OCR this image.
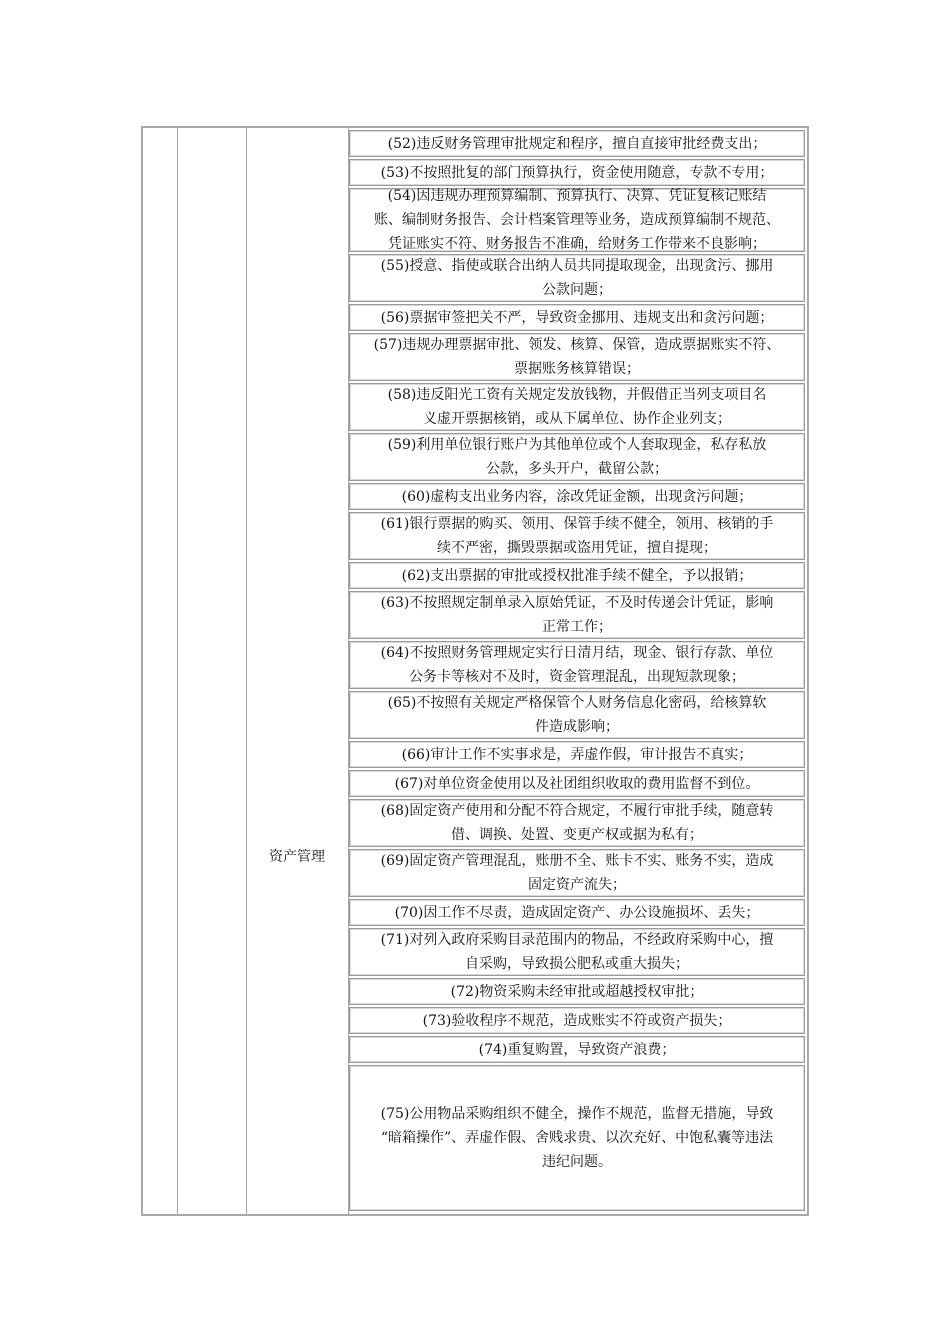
资产管理
(52)违反财务管理审批规定和程序，擅自直接审批经费支出；
(53)不按照批复的部门预算执行，资金使用随意，专款不专用；
(54)因违规办理预算编制、预算执行、决算、凭证复核记账结
账、编制财务报告、会计档案管理等业务，造成预算编制不规范、
凭证账实不符、财务报告不准确，给财务工作带来不良影响；
(55)授意、指使或联合出纳人员共同提取现金，出现贪污、挪用
公款问题；
(56)票据审签把关不严，导致资金挪用、违规支出和贪污问题；
(57)违规办理票据审批、领发、核算、保管，造成票据账实不符、
票据账务核算错误；
(58)违反阳光工资有关规定发放钱物，并假借正当列支项目名
义虚开票据核销，或从下属单位、协作企业列支；
(59)利用单位银行账户为其他单位或个人套取现金，私存私放
公款，多头开户，截留公款；
(60)虚构支出业务内容，涂改凭证金额，出现贪污问题；
(61)银行票据的购买、领用、保管手续不健全，领用、核销的手
续不严密，撕毁票据或盗用凭证，擅自提现；
(62)支出票据的审批或授权批准手续不健全，予以报销；
(63)不按照规定制单录入原始凭证，不及时传递会计凭证，影响
正常工作；
(64)不按照财务管理规定实行日清月结，现金、银行存款、单位
公务卡等核对不及时，资金管理混乱，出现短款现象；
(65)不按照有关规定严格保管个人财务信息化密码，给核算软
件造成影响；
(66)审计工作不实事求是，弄虚作假，审计报告不真实；
(67)对单位资金使用以及社团组织收取的费用监督不到位。
(68)固定资产使用和分配不符合规定，不履行审批手续，随意转
借、调换、处置、变更产权或据为私有；
(69)固定资产管理混乱，账册不全、账卡不实、账务不实，造成
固定资产流失；
(70)因工作不尽责，造成固定资产、办公设施损坏、丢失；
(71)对列入政府采购目录范围内的物品，不经政府采购中心，擅
自采购，导致损公肥私或重大损失；
(72)物资采购未经审批或超越授权审批；
(73)验收程序不规范，造成账实不符或资产损失；
(74)重复购置，导致资产浪费；
(75)公用物品采购组织不健全，操作不规范，监督无措施，导致
“暗箱操作”、弄虚作假、舍贱求贵、以次充好、中饱私囊等违法
违纪问题。
